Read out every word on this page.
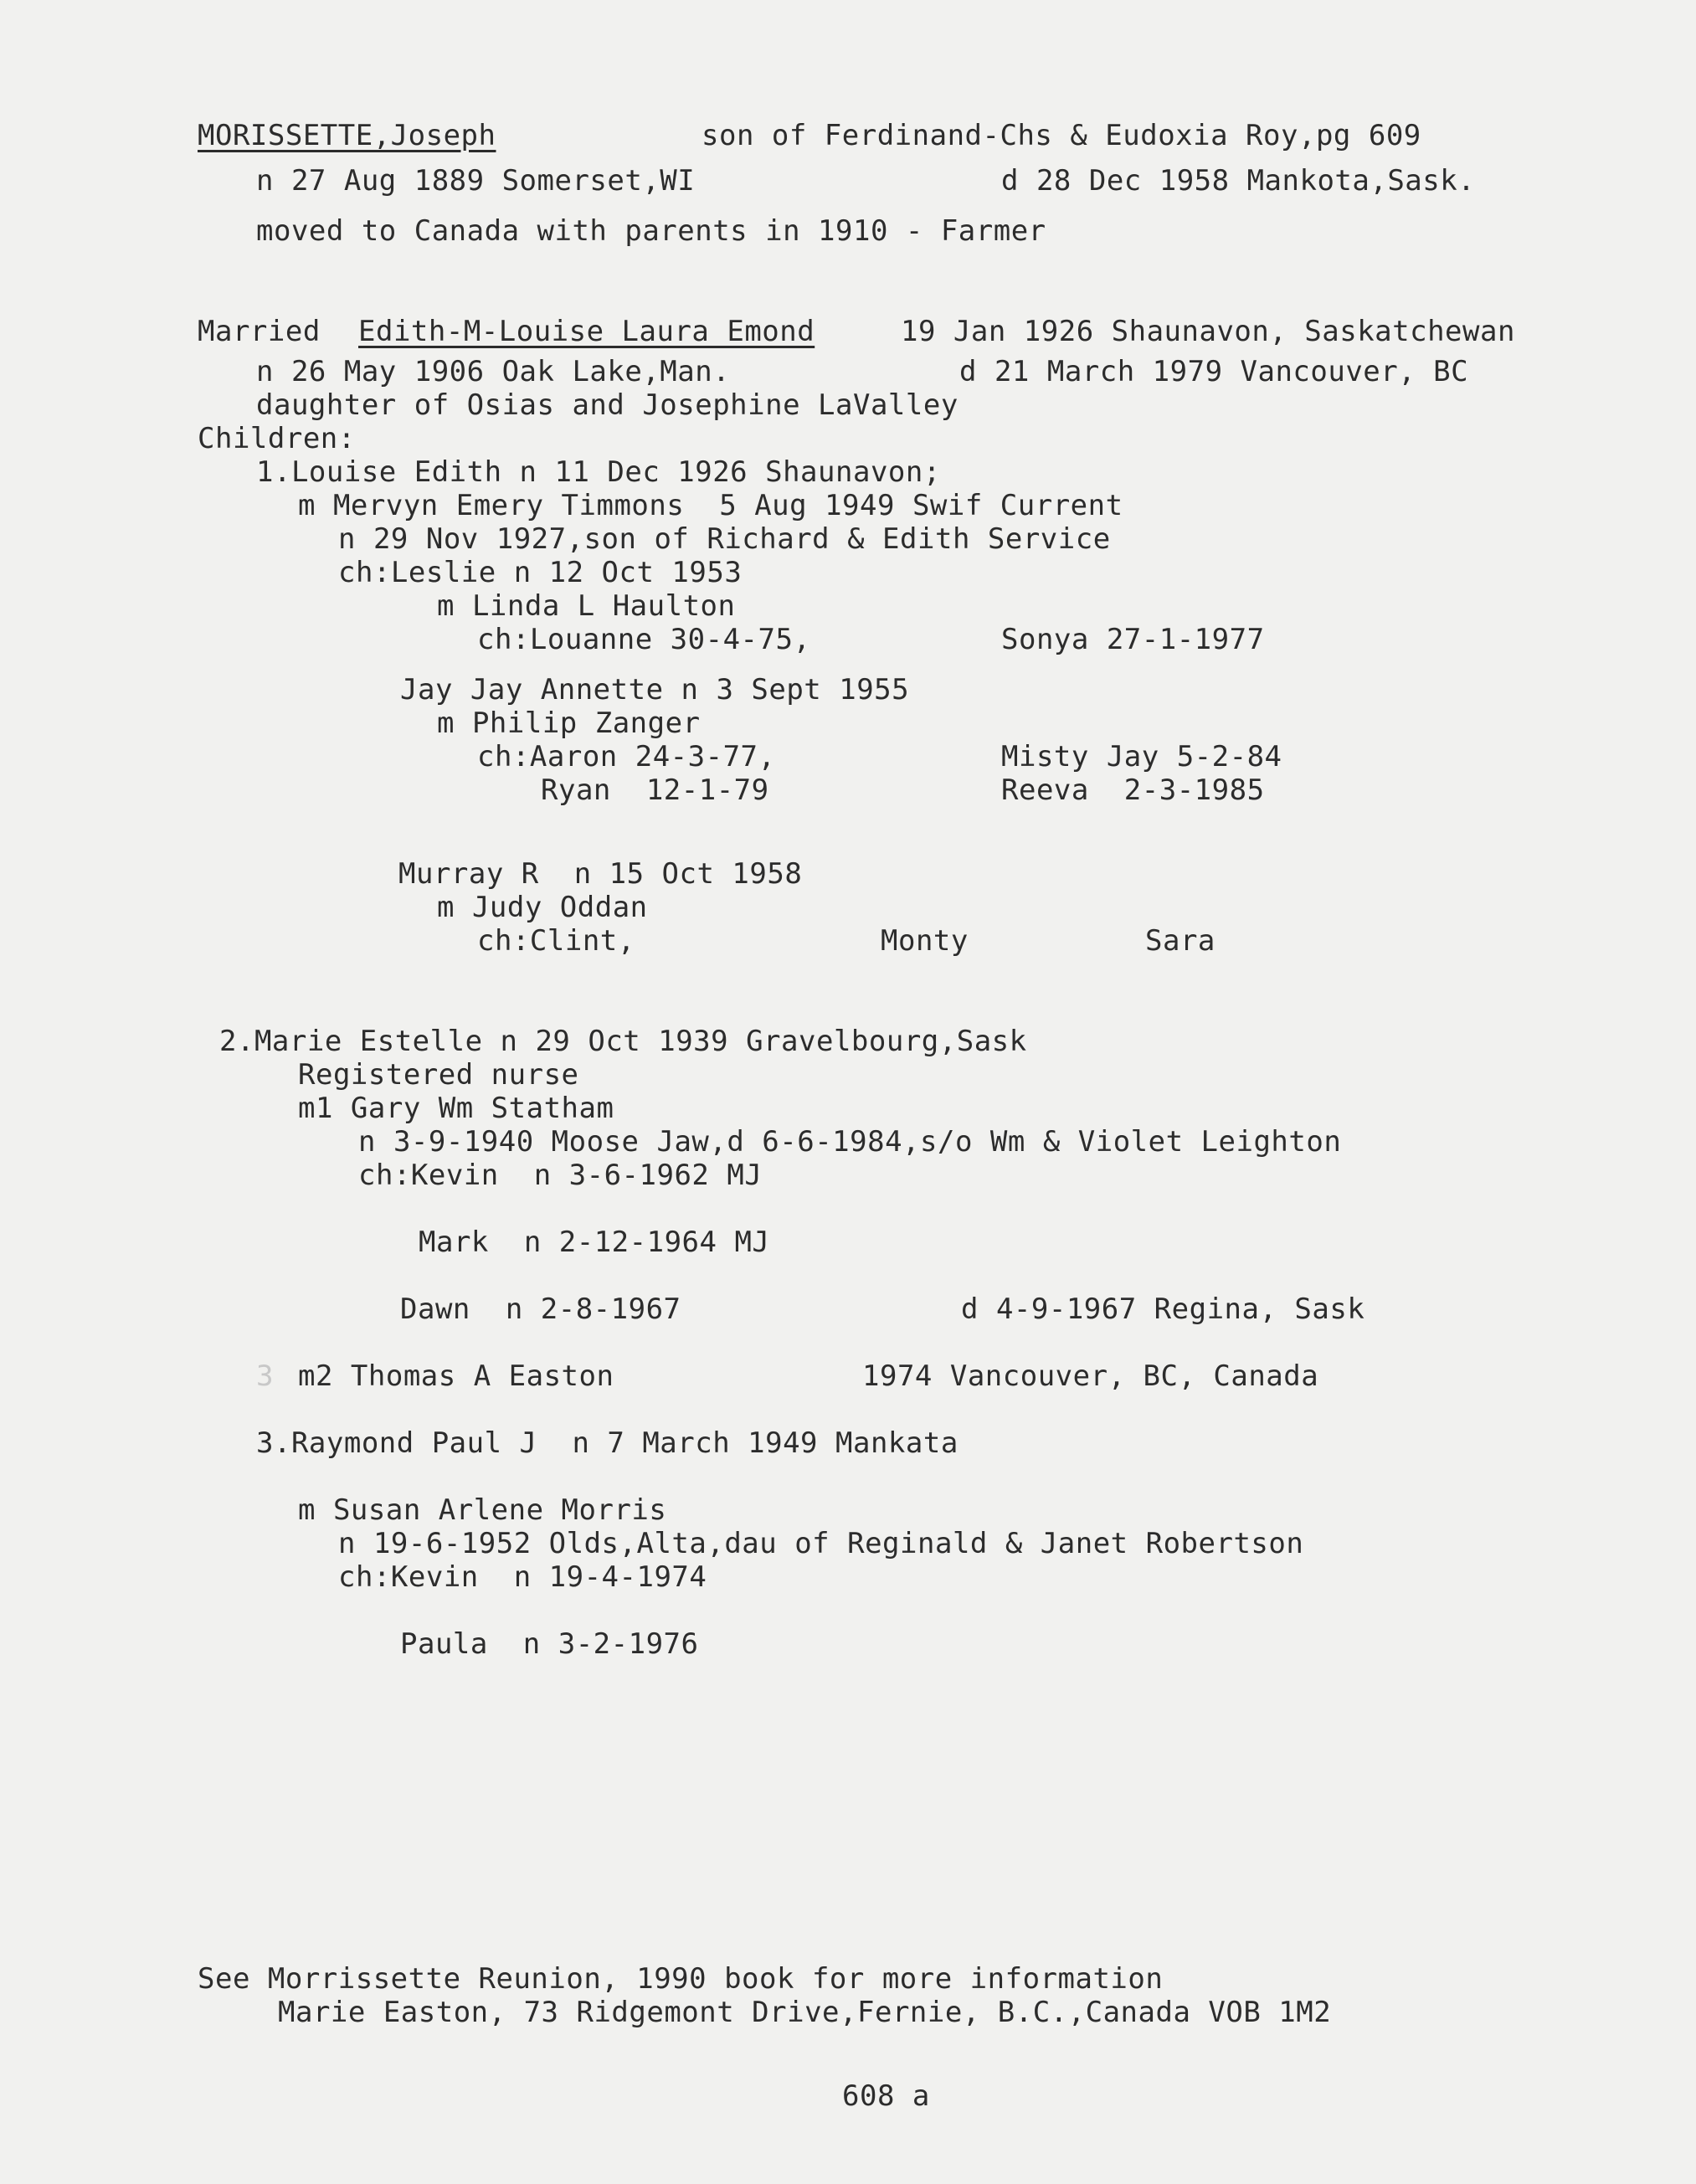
MORISSETTE,Joseph	son of Ferdinand-Chs & Eudoxia Roy,pg 609
n 27 Aug 1889 Somerset,WI	d 28 Dec 1958 Mankota,Sask.
moved to Canada with parents in 1910 - Farmer
Married Edith-M-Louise Laura Emond	19 Jan 1926 Shaunavon, Saskatchewan
n 26 May 1906 Oak Lake,Man.	d 21 March 1979 Vancouver, BC
daughter of Osias and Josephine LaValley
Children:
1.Louise Edith n 11 Dec 1926 Shaunavon;
m Mervyn Emery Timmons  5 Aug 1949 Swif Current
n 29 Nov 1927,son of Richard & Edith Service
ch:Leslie n 12 Oct 1953
m Linda L Haulton
ch:Louanne 30-4-75,	Sonya 27-1-1977
Jay Jay Annette n 3 Sept 1955
m Philip Zanger
ch:Aaron 24-3-77,	Misty Jay 5-2-84
Ryan  12-1-79	Reeva  2-3-1985
Murray R  n 15 Oct 1958
m Judy Oddan
ch:Clint,	Monty	Sara
2.Marie Estelle n 29 Oct 1939 Gravelbourg,Sask
Registered nurse
m1 Gary Wm Statham
n 3-9-1940 Moose Jaw,d 6-6-1984,s/o Wm & Violet Leighton
ch:Kevin  n 3-6-1962 MJ
Mark  n 2-12-1964 MJ
Dawn  n 2-8-1967	d 4-9-1967 Regina, Sask
3 m2 Thomas A Easton	1974 Vancouver, BC, Canada
3.Raymond Paul J  n 7 March 1949 Mankata
m Susan Arlene Morris
n 19-6-1952 Olds,Alta,dau of Reginald & Janet Robertson
ch:Kevin  n 19-4-1974
Paula  n 3-2-1976
See Morrissette Reunion, 1990 book for more information
Marie Easton, 73 Ridgemont Drive,Fernie, B.C.,Canada VOB 1M2
608 a
